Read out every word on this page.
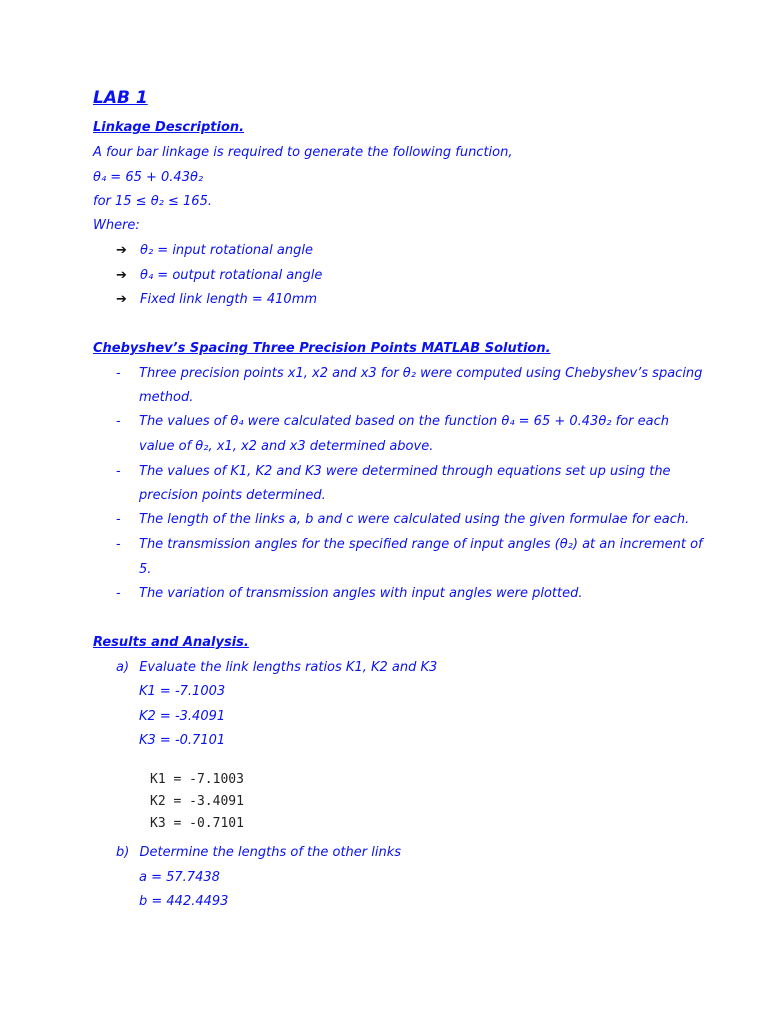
LAB 1
Linkage Description.
A four bar linkage is required to generate the following function,
θ₄ = 65 + 0.43θ₂
for 15 ≤ θ₂ ≤ 165.
Where:
➔ θ₂ = input rotational angle
➔ θ₄ = output rotational angle
➔ Fixed link length = 410mm
Chebyshev’s Spacing Three Precision Points MATLAB Solution.
- Three precision points x1, x2 and x3 for θ₂ were computed using Chebyshev’s spacing
method.
- The values of θ₄ were calculated based on the function θ₄ = 65 + 0.43θ₂ for each
value of θ₂, x1, x2 and x3 determined above.
- The values of K1, K2 and K3 were determined through equations set up using the
precision points determined.
- The length of the links a, b and c were calculated using the given formulae for each.
- The transmission angles for the specified range of input angles (θ₂) at an increment of
5.
- The variation of transmission angles with input angles were plotted.
Results and Analysis.
a) Evaluate the link lengths ratios K1, K2 and K3
K1 = -7.1003
K2 = -3.4091
K3 = -0.7101
K1 = -7.1003
K2 = -3.4091
K3 = -0.7101
b) Determine the lengths of the other links
a = 57.7438
b = 442.4493
